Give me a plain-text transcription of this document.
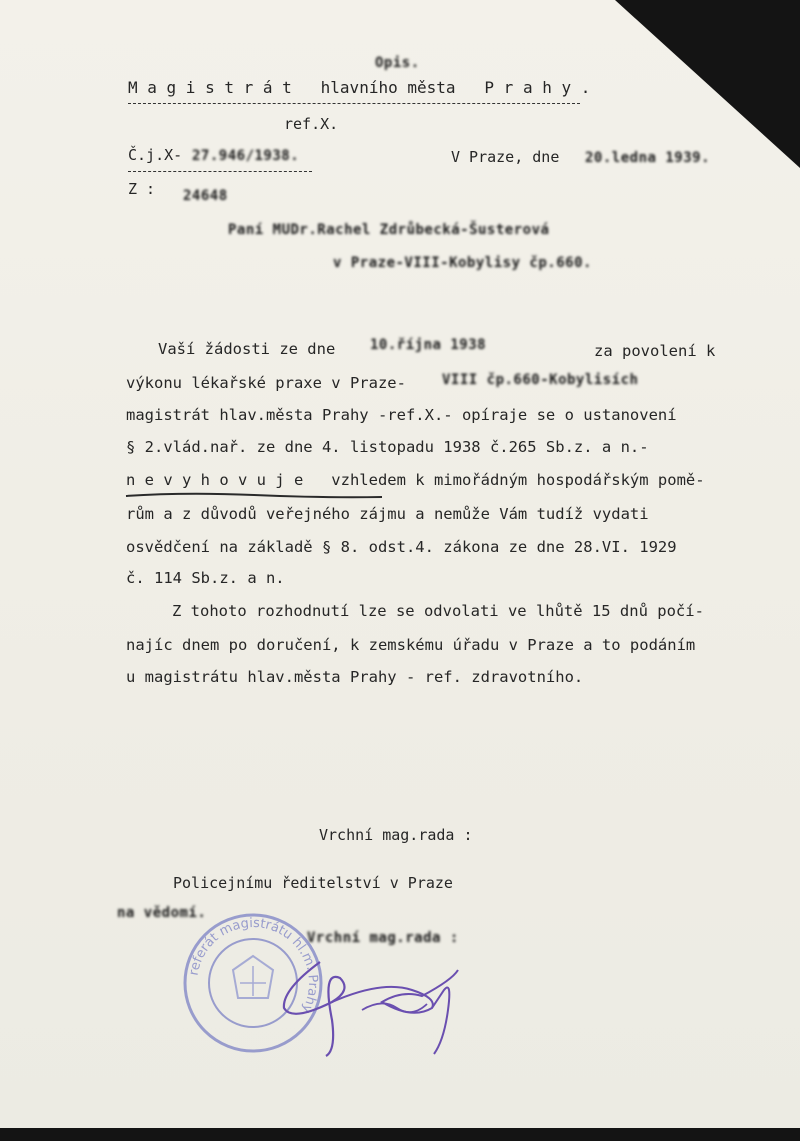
Opis.
M a g i s t r á t   hlavního města   P r a h y .
ref.X.
Č.j.X- 27.946/1938.	V Praze, dne 20.ledna 1939.
Z : 24648
Paní MUDr.Rachel Zdrůbecká-Šusterová
v Praze-VIII-Kobylisy čp.660.
Vaší žádosti ze dne 10.října 1938	za povolení k
výkonu lékařské praxe v Praze-	VIII čp.660-Kobylisích
magistrát hlav.města Prahy -ref.X.- opíraje se o ustanovení
§ 2.vlád.nař. ze dne 4. listopadu 1938 č.265 Sb.z. a n.-
n e v y h o v u j e   vzhledem k mimořádným hospodářským pomě-
rům a z důvodů veřejného zájmu a nemůže Vám tudíž vydati
osvědčení na základě § 8. odst.4. zákona ze dne 28.VI. 1929
č. 114 Sb.z. a n.
Z tohoto rozhodnutí lze se odvolati ve lhůtě 15 dnů počí-
najíc dnem po doručení, k zemskému úřadu v Praze a to podáním
u magistrátu hlav.města Prahy - ref. zdravotního.
Vrchní mag.rada :
Policejnímu ředitelství v Praze
na vědomí.
Vrchní mag.rada :
referát magistrátu hl.m. Prahy
